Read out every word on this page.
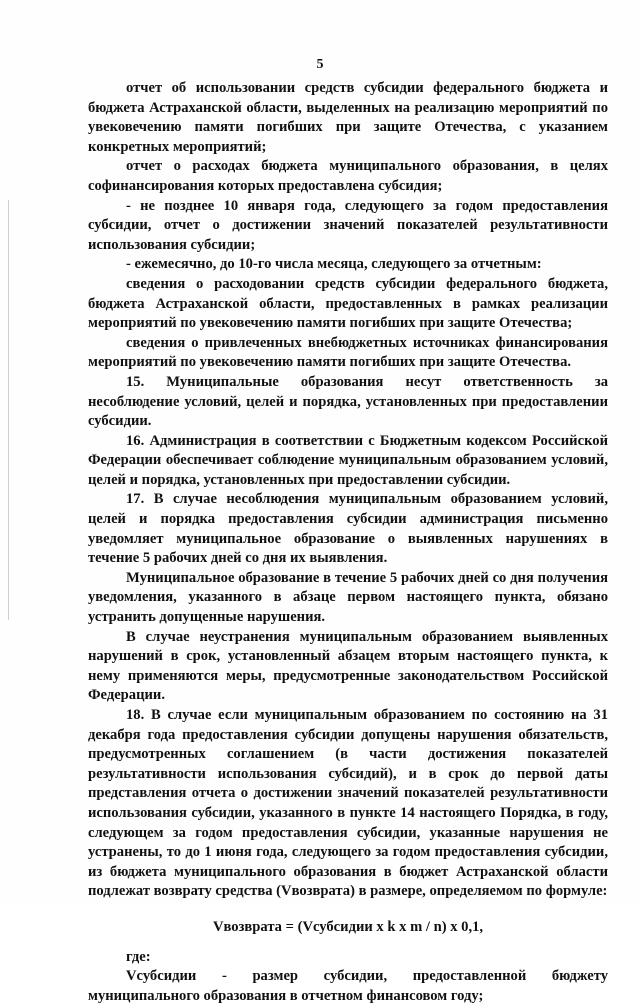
5

отчет об использовании средств субсидии федерального бюджета и бюджета Астраханской области, выделенных на реализацию мероприятий по увековечению памяти погибших при защите Отечества, с указанием конкретных мероприятий;

отчет о расходах бюджета муниципального образования, в целях софинансирования которых предоставлена субсидия;

- не позднее 10 января года, следующего за годом предоставления субсидии, отчет о достижении значений показателей результативности использования субсидии;

- ежемесячно, до 10-го числа месяца, следующего за отчетным:

сведения о расходовании средств субсидии федерального бюджета, бюджета Астраханской области, предоставленных в рамках реализации мероприятий по увековечению памяти погибших при защите Отечества;

сведения о привлеченных внебюджетных источниках финансирования мероприятий по увековечению памяти погибших при защите Отечества.

15. Муниципальные образования несут ответственность за несоблюдение условий, целей и порядка, установленных при предоставлении субсидии.

16. Администрация в соответствии с Бюджетным кодексом Российской Федерации обеспечивает соблюдение муниципальным образованием условий, целей и порядка, установленных при предоставлении субсидии.

17. В случае несоблюдения муниципальным образованием условий, целей и порядка предоставления субсидии администрация письменно уведомляет муниципальное образование о выявленных нарушениях в течение 5 рабочих дней со дня их выявления.

Муниципальное образование в течение 5 рабочих дней со дня получения уведомления, указанного в абзаце первом настоящего пункта, обязано устранить допущенные нарушения.

В случае неустранения муниципальным образованием выявленных нарушений в срок, установленный абзацем вторым настоящего пункта, к нему применяются меры, предусмотренные законодательством Российской Федерации.

18. В случае если муниципальным образованием по состоянию на 31 декабря года предоставления субсидии допущены нарушения обязательств, предусмотренных соглашением (в части достижения показателей результативности использования субсидий), и в срок до первой даты представления отчета о достижении значений показателей результативности использования субсидии, указанного в пункте 14 настоящего Порядка, в году, следующем за годом предоставления субсидии, указанные нарушения не устранены, то до 1 июня года, следующего за годом предоставления субсидии, из бюджета муниципального образования в бюджет Астраханской области подлежат возврату средства (Vвозврата) в размере, определяемом по формуле:

Vвозврата = (Vсубсидии x k x m / n) x 0,1,

где:

Vсубсидии - размер субсидии, предоставленной бюджету муниципального образования в отчетном финансовом году;
